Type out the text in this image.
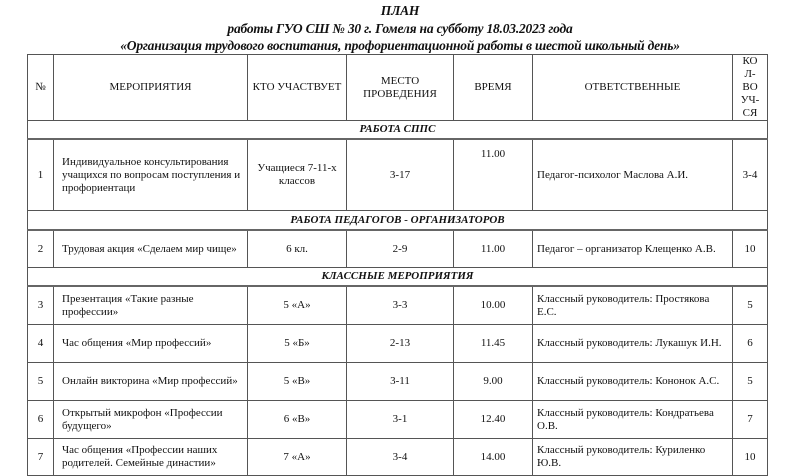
ПЛАН
работы ГУО СШ № 30 г. Гомеля на субботу 18.03.2023 года
«Организация трудового воспитания, профориентационной работы в шестой школьный день»
№	МЕРОПРИЯТИЯ	КТО УЧАСТВУЕТ	МЕСТО ПРОВЕДЕНИЯ	ВРЕМЯ	ОТВЕТСТВЕННЫЕ	КО Л- ВО УЧ- СЯ
РАБОТА СППС						
1	Индивидуальное консультирования учащихся по вопросам поступления и профориентаци	Учащиеся 7-11-х классов	3-17	11.00	Педагог-психолог Маслова А.И.	3-4
РАБОТА ПЕДАГОГОВ - ОРГАНИЗАТОРОВ						
2	Трудовая акция «Сделаем мир чище»	6 кл.	2-9	11.00	Педагог – организатор Клещенко А.В.	10
КЛАССНЫЕ МЕРОПРИЯТИЯ						
3	Презентация «Такие разные профессии»	5 «А»	3-3	10.00	Классный руководитель: Простякова Е.С.	5
4	Час общения «Мир профессий»	5 «Б»	2-13	11.45	Классный руководитель: Лукашук И.Н.	6
5	Онлайн викторина «Мир профессий»	5 «В»	3-11	9.00	Классный руководитель: Кононок А.С.	5
6	Открытый микрофон «Профессии будущего»	6 «В»	3-1	12.40	Классный руководитель: Кондратьева О.В.	7
7	Час общения «Профессии наших родителей. Семейные династии»	7 «А»	3-4	14.00	Классный руководитель: Куриленко Ю.В.	10
